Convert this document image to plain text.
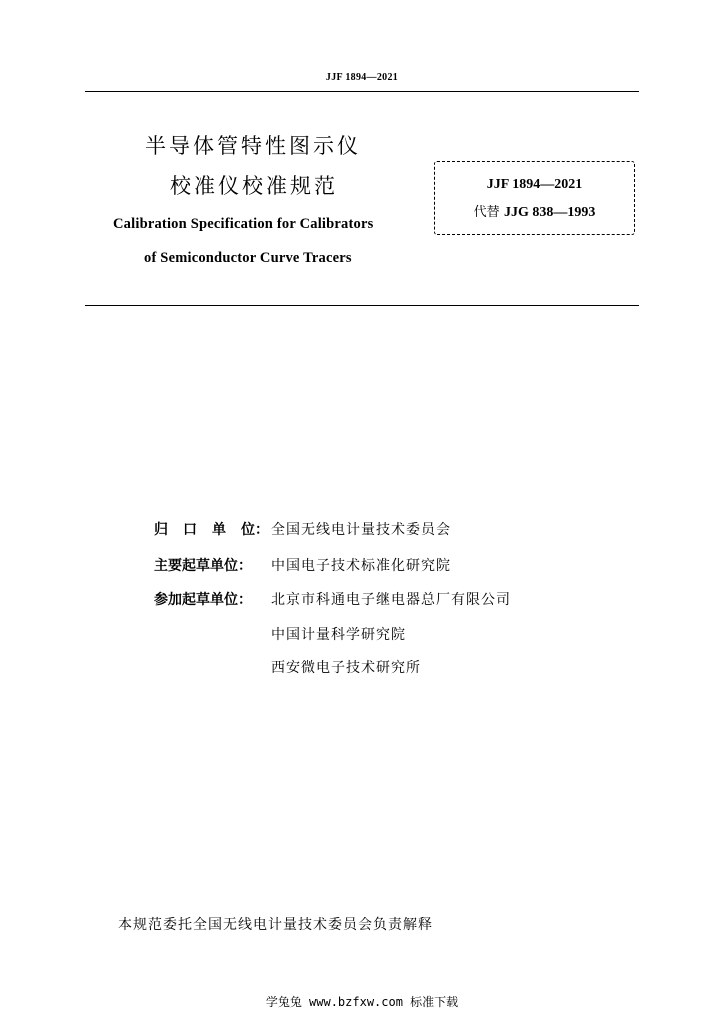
JJF 1894—2021
半导体管特性图示仪
校准仪校准规范
Calibration Specification for Calibrators
of Semiconductor Curve Tracers
JJF 1894—2021
代替 JJG 838—1993
归 口 单 位： 全国无线电计量技术委员会
主要起草单位：	中国电子技术标准化研究院
参加起草单位：	北京市科通电子继电器总厂有限公司
中国计量科学研究院
西安微电子技术研究所
本规范委托全国无线电计量技术委员会负责解释
学兔兔 www.bzfxw.com 标准下载
